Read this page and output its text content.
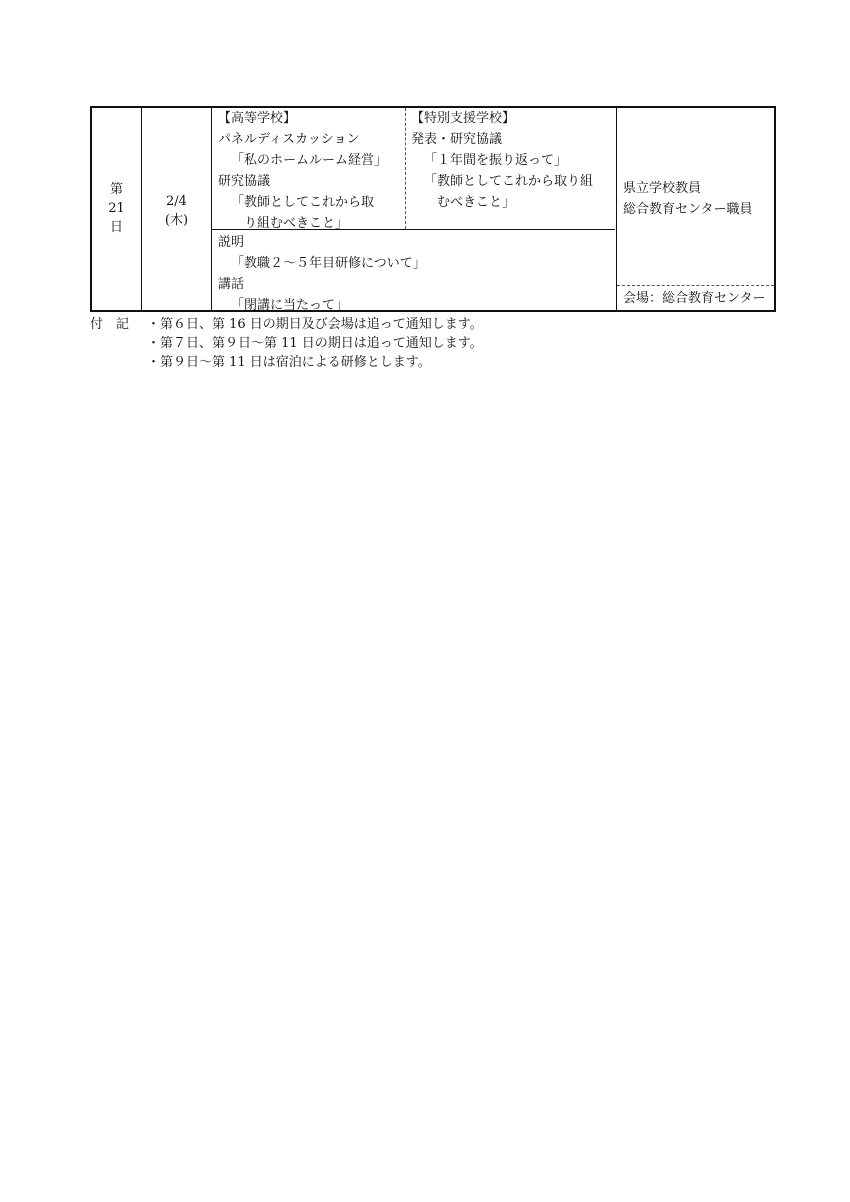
第
21
日
2/4
(木)

【高等学校】

パネルディスカッション

「私のホームルーム経営」

研究協議

「教師としてこれから取

り組むべきこと」

【特別支援学校】

発表・研究協議

「１年間を振り返って」

「教師としてこれから取り組

むべきこと」

説明

「教職２～５年目研修について」

講話

「閉講に当たって」

県立学校教員

総合教育センター職員

会場：総合教育センター

付　記 ・第６日、第 16 日の期日及び会場は追って通知します。

・第７日、第９日～第 11 日の期日は追って通知します。

・第９日～第 11 日は宿泊による研修とします。
